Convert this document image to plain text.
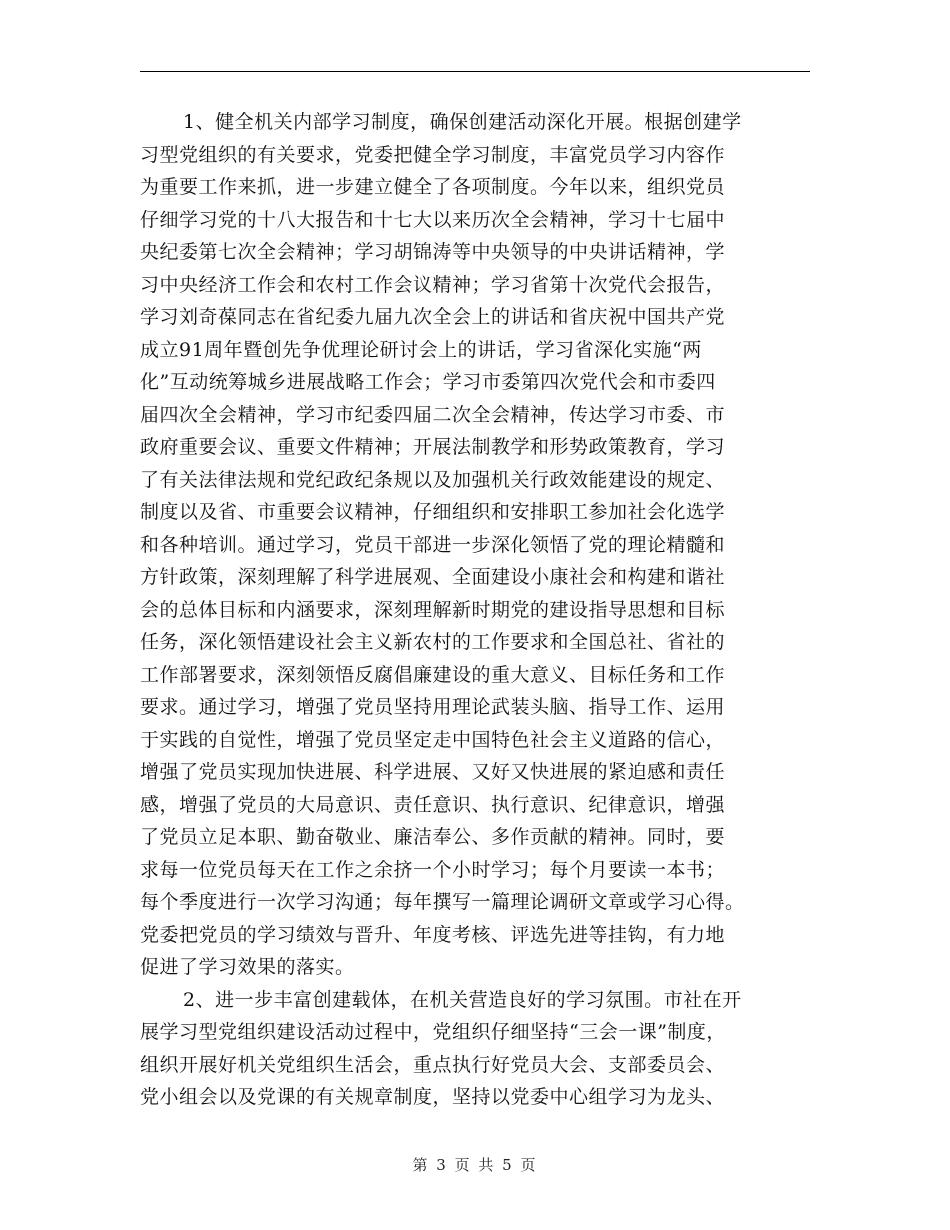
1、健全机关内部学习制度，确保创建活动深化开展。根据创建学
习型党组织的有关要求，党委把健全学习制度，丰富党员学习内容作
为重要工作来抓，进一步建立健全了各项制度。今年以来，组织党员
仔细学习党的十八大报告和十七大以来历次全会精神，学习十七届中
央纪委第七次全会精神；学习胡锦涛等中央领导的中央讲话精神，学
习中央经济工作会和农村工作会议精神；学习省第十次党代会报告，
学习刘奇葆同志在省纪委九届九次全会上的讲话和省庆祝中国共产党
成立91周年暨创先争优理论研讨会上的讲话，学习省深化实施“两
化”互动统筹城乡进展战略工作会；学习市委第四次党代会和市委四
届四次全会精神，学习市纪委四届二次全会精神，传达学习市委、市
政府重要会议、重要文件精神；开展法制教学和形势政策教育，学习
了有关法律法规和党纪政纪条规以及加强机关行政效能建设的规定、
制度以及省、市重要会议精神，仔细组织和安排职工参加社会化选学
和各种培训。通过学习，党员干部进一步深化领悟了党的理论精髓和
方针政策，深刻理解了科学进展观、全面建设小康社会和构建和谐社
会的总体目标和内涵要求，深刻理解新时期党的建设指导思想和目标
任务，深化领悟建设社会主义新农村的工作要求和全国总社、省社的
工作部署要求，深刻领悟反腐倡廉建设的重大意义、目标任务和工作
要求。通过学习，增强了党员坚持用理论武装头脑、指导工作、运用
于实践的自觉性，增强了党员坚定走中国特色社会主义道路的信心，
增强了党员实现加快进展、科学进展、又好又快进展的紧迫感和责任
感，增强了党员的大局意识、责任意识、执行意识、纪律意识，增强
了党员立足本职、勤奋敬业、廉洁奉公、多作贡献的精神。同时，要
求每一位党员每天在工作之余挤一个小时学习；每个月要读一本书；
每个季度进行一次学习沟通；每年撰写一篇理论调研文章或学习心得。
党委把党员的学习绩效与晋升、年度考核、评选先进等挂钩，有力地
促进了学习效果的落实。
2、进一步丰富创建载体，在机关营造良好的学习氛围。市社在开
展学习型党组织建设活动过程中，党组织仔细坚持“三会一课”制度，
组织开展好机关党组织生活会，重点执行好党员大会、支部委员会、
党小组会以及党课的有关规章制度，坚持以党委中心组学习为龙头、
第 3 页 共 5 页
